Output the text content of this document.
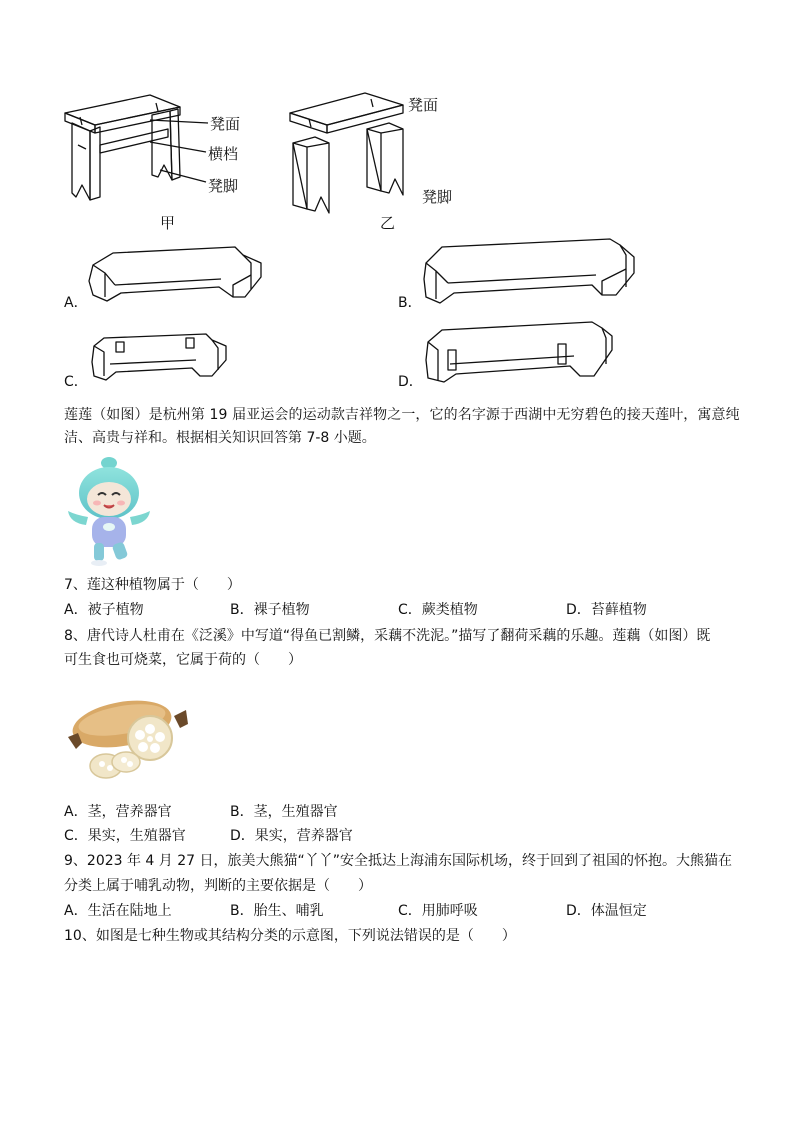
凳面
横档
凳脚
甲
凳面
凳脚
乙
A．	B．
C．	D．
莲莲（如图）是杭州第 19 届亚运会的运动款吉祥物之一，它的名字源于西湖中无穷碧色的接天莲叶，寓意纯
洁、高贵与祥和。根据相关知识回答第 7-8 小题。
7、莲这种植物属于（　　）
A．被子植物	B．裸子植物	C．蕨类植物	D．苔藓植物
8、唐代诗人杜甫在《泛溪》中写道“得鱼已割鳞，采藕不洗泥。”描写了翻荷采藕的乐趣。莲藕（如图）既
可生食也可烧菜，它属于荷的（　　）
A．茎，营养器官	B．茎，生殖器官
C．果实，生殖器官	D．果实，营养器官
9、2023 年 4 月 27 日，旅美大熊猫“丫丫”安全抵达上海浦东国际机场，终于回到了祖国的怀抱。大熊猫在
分类上属于哺乳动物，判断的主要依据是（　　）
A．生活在陆地上	B．胎生、哺乳	C．用肺呼吸	D．体温恒定
10、如图是七种生物或其结构分类的示意图，下列说法错误的是（　　）
